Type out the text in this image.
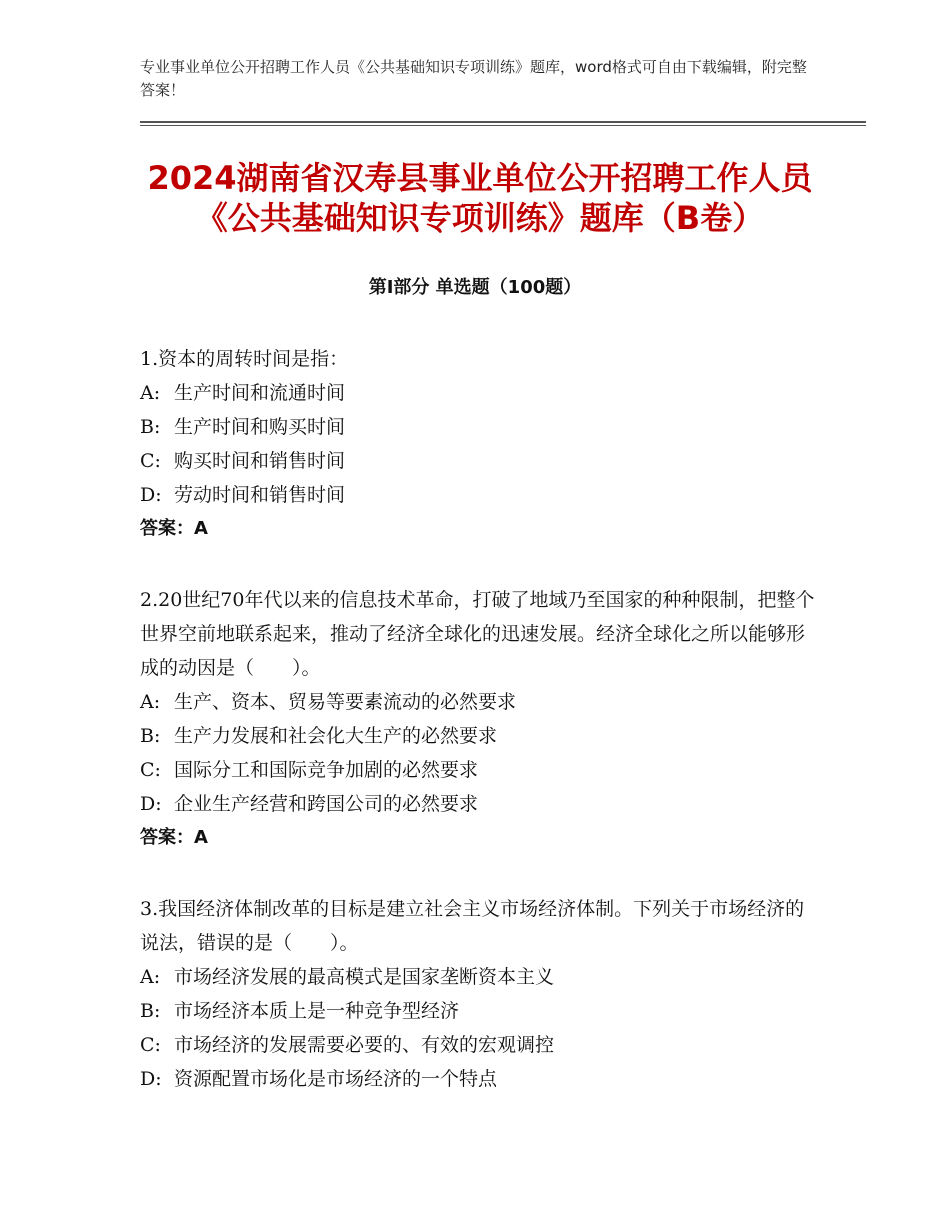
专业事业单位公开招聘工作人员《公共基础知识专项训练》题库，word格式可自由下载编辑，附完整答案！
2024湖南省汉寿县事业单位公开招聘工作人员《公共基础知识专项训练》题库（B卷）
第Ⅰ部分 单选题（100题）
1.资本的周转时间是指：
A: 生产时间和流通时间
B: 生产时间和购买时间
C: 购买时间和销售时间
D: 劳动时间和销售时间
答案：A
2.20世纪70年代以来的信息技术革命，打破了地域乃至国家的种种限制，把整个世界空前地联系起来，推动了经济全球化的迅速发展。经济全球化之所以能够形成的动因是（　　）。
A: 生产、资本、贸易等要素流动的必然要求
B: 生产力发展和社会化大生产的必然要求
C: 国际分工和国际竞争加剧的必然要求
D: 企业生产经营和跨国公司的必然要求
答案：A
3.我国经济体制改革的目标是建立社会主义市场经济体制。下列关于市场经济的说法，错误的是（　　）。
A: 市场经济发展的最高模式是国家垄断资本主义
B: 市场经济本质上是一种竞争型经济
C: 市场经济的发展需要必要的、有效的宏观调控
D: 资源配置市场化是市场经济的一个特点
